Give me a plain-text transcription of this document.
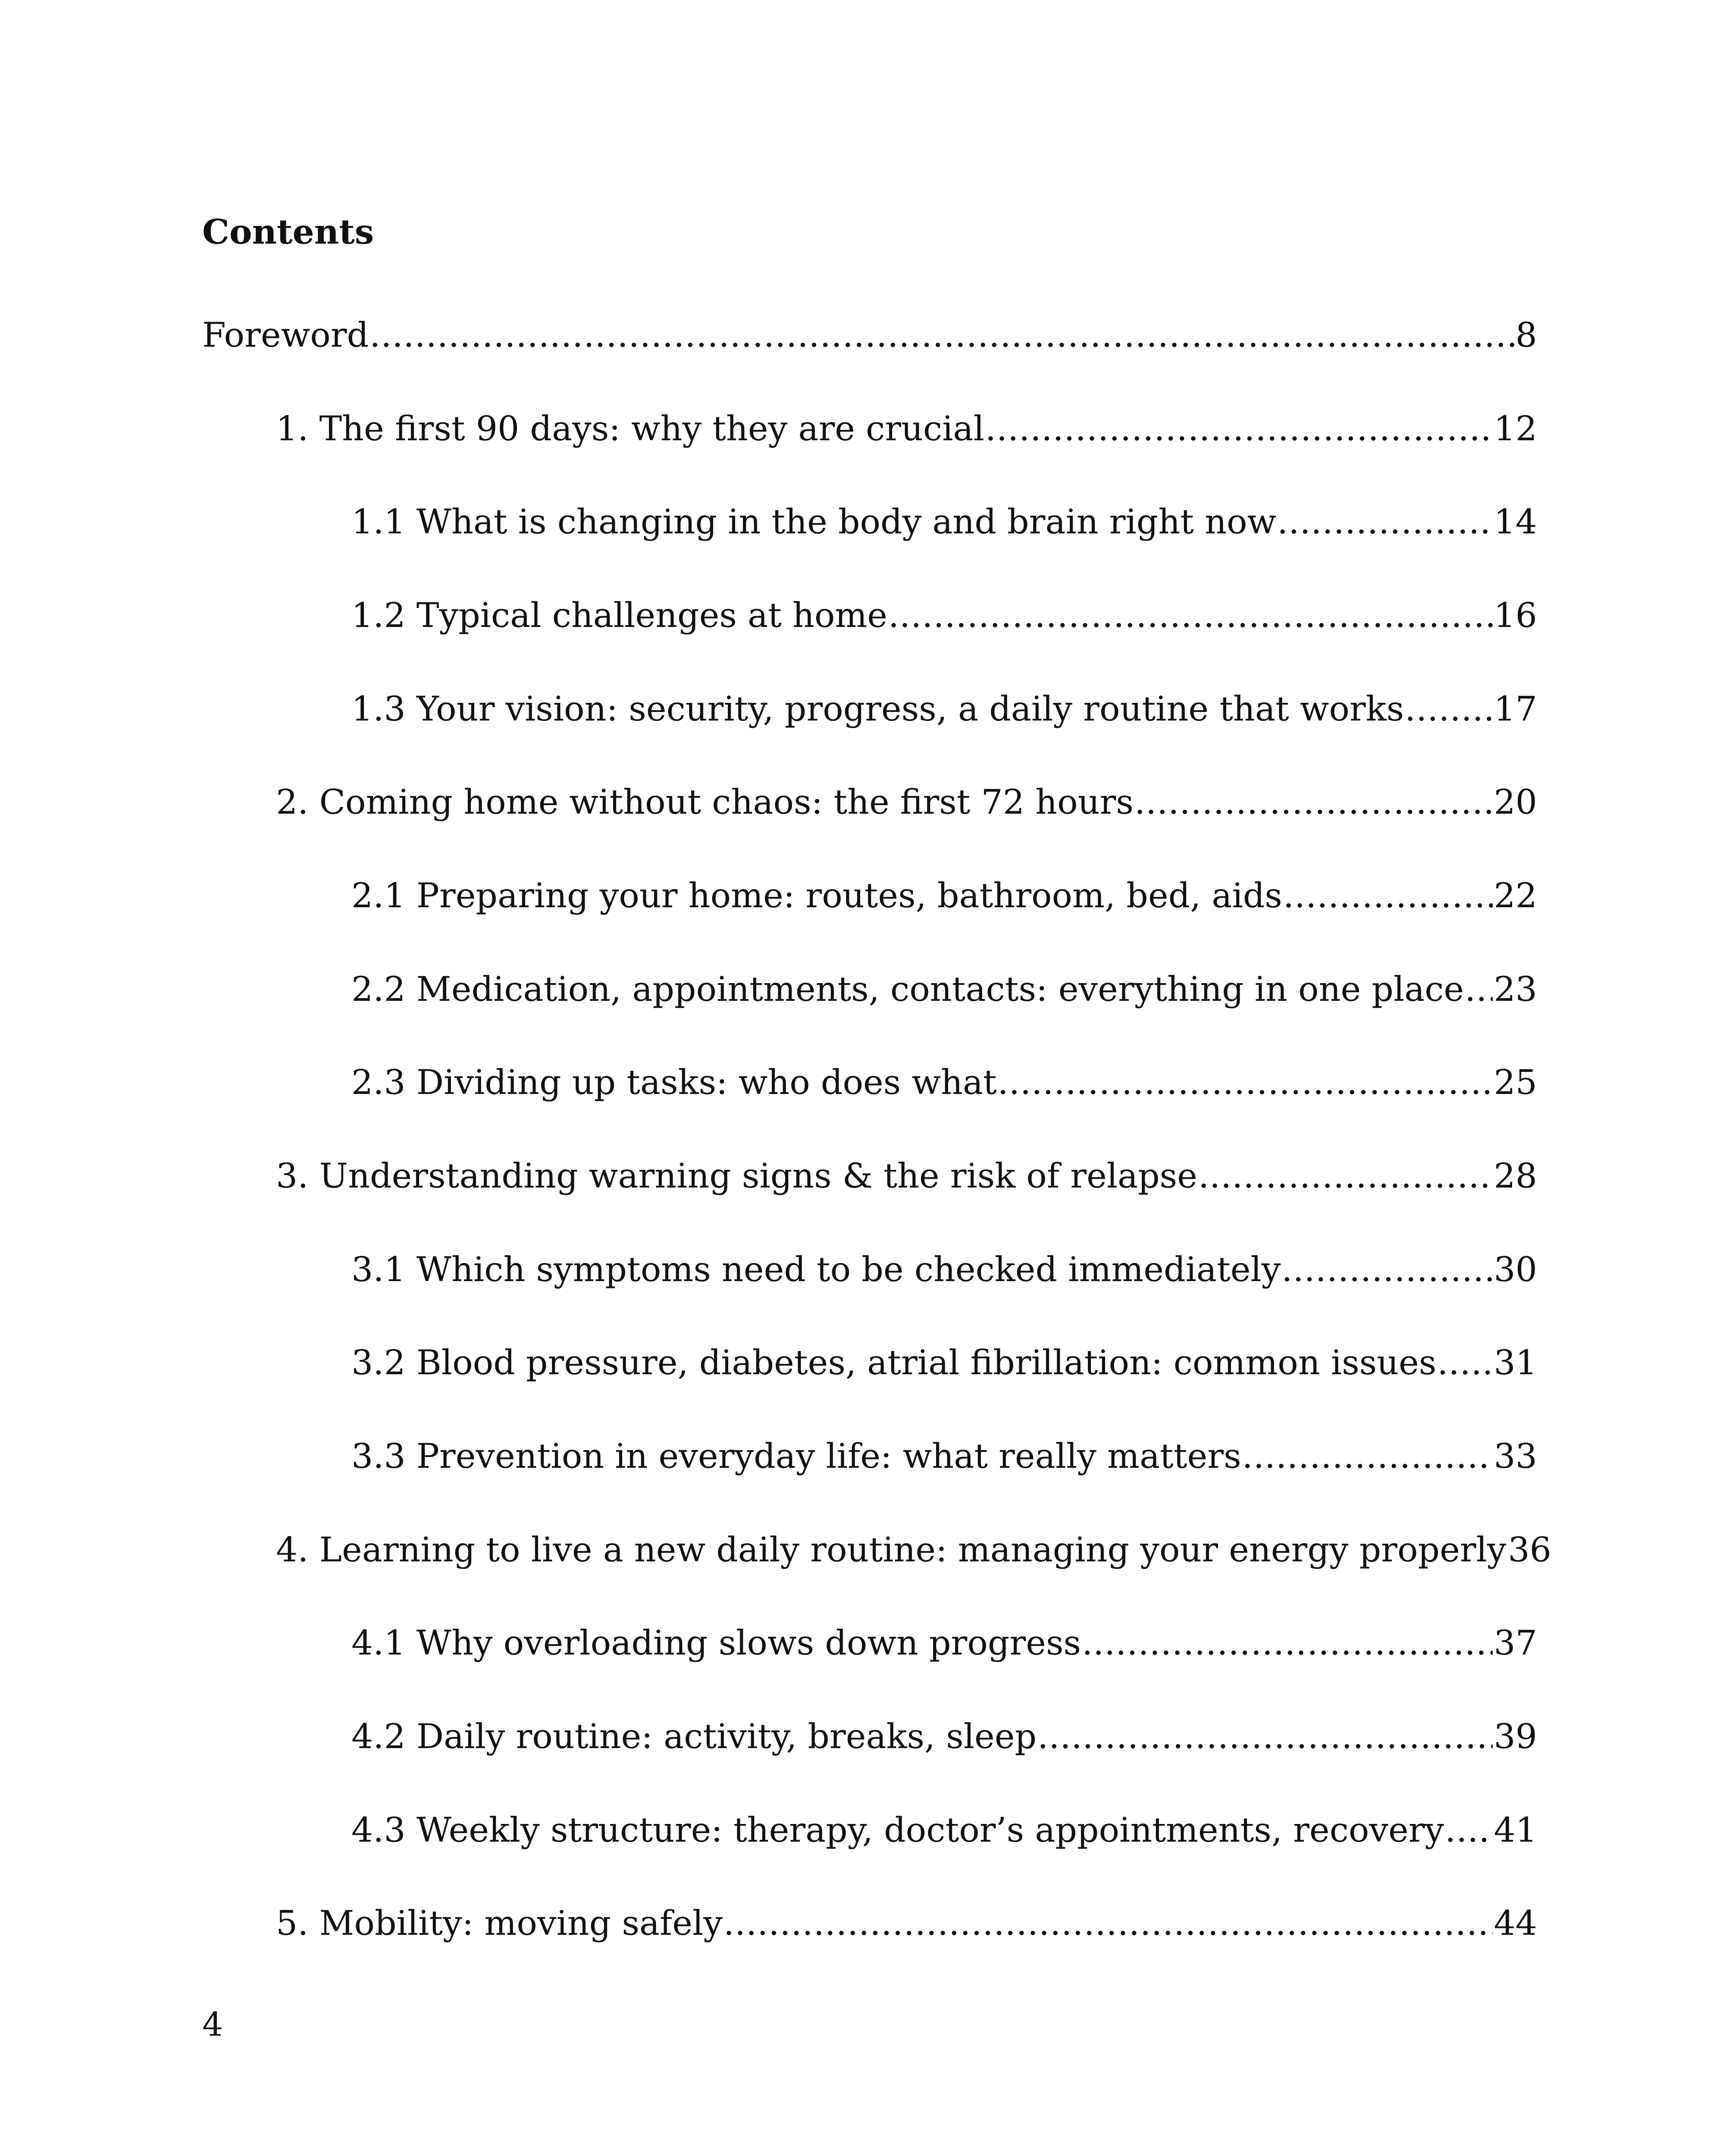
Contents
Foreword .....	8
1. The first 90 days: why they are crucial .....	12
1.1 What is changing in the body and brain right now .....	14
1.2 Typical challenges at home .....	16
1.3 Your vision: security, progress, a daily routine that works .....	17
2. Coming home without chaos: the first 72 hours .....	20
2.1 Preparing your home: routes, bathroom, bed, aids .....	22
2.2 Medication, appointments, contacts: everything in one place ..... 23
2.3 Dividing up tasks: who does what .....	25
3. Understanding warning signs & the risk of relapse .....	28
3.1 Which symptoms need to be checked immediately .....	30
3.2 Blood pressure, diabetes, atrial fibrillation: common issues ..... 31
3.3 Prevention in everyday life: what really matters .....	33
4. Learning to live a new daily routine: managing your energy properly 36
4.1 Why overloading slows down progress .....	37
4.2 Daily routine: activity, breaks, sleep .....	39
4.3 Weekly structure: therapy, doctor’s appointments, recovery ..... 41
5. Mobility: moving safely .....	44
4
